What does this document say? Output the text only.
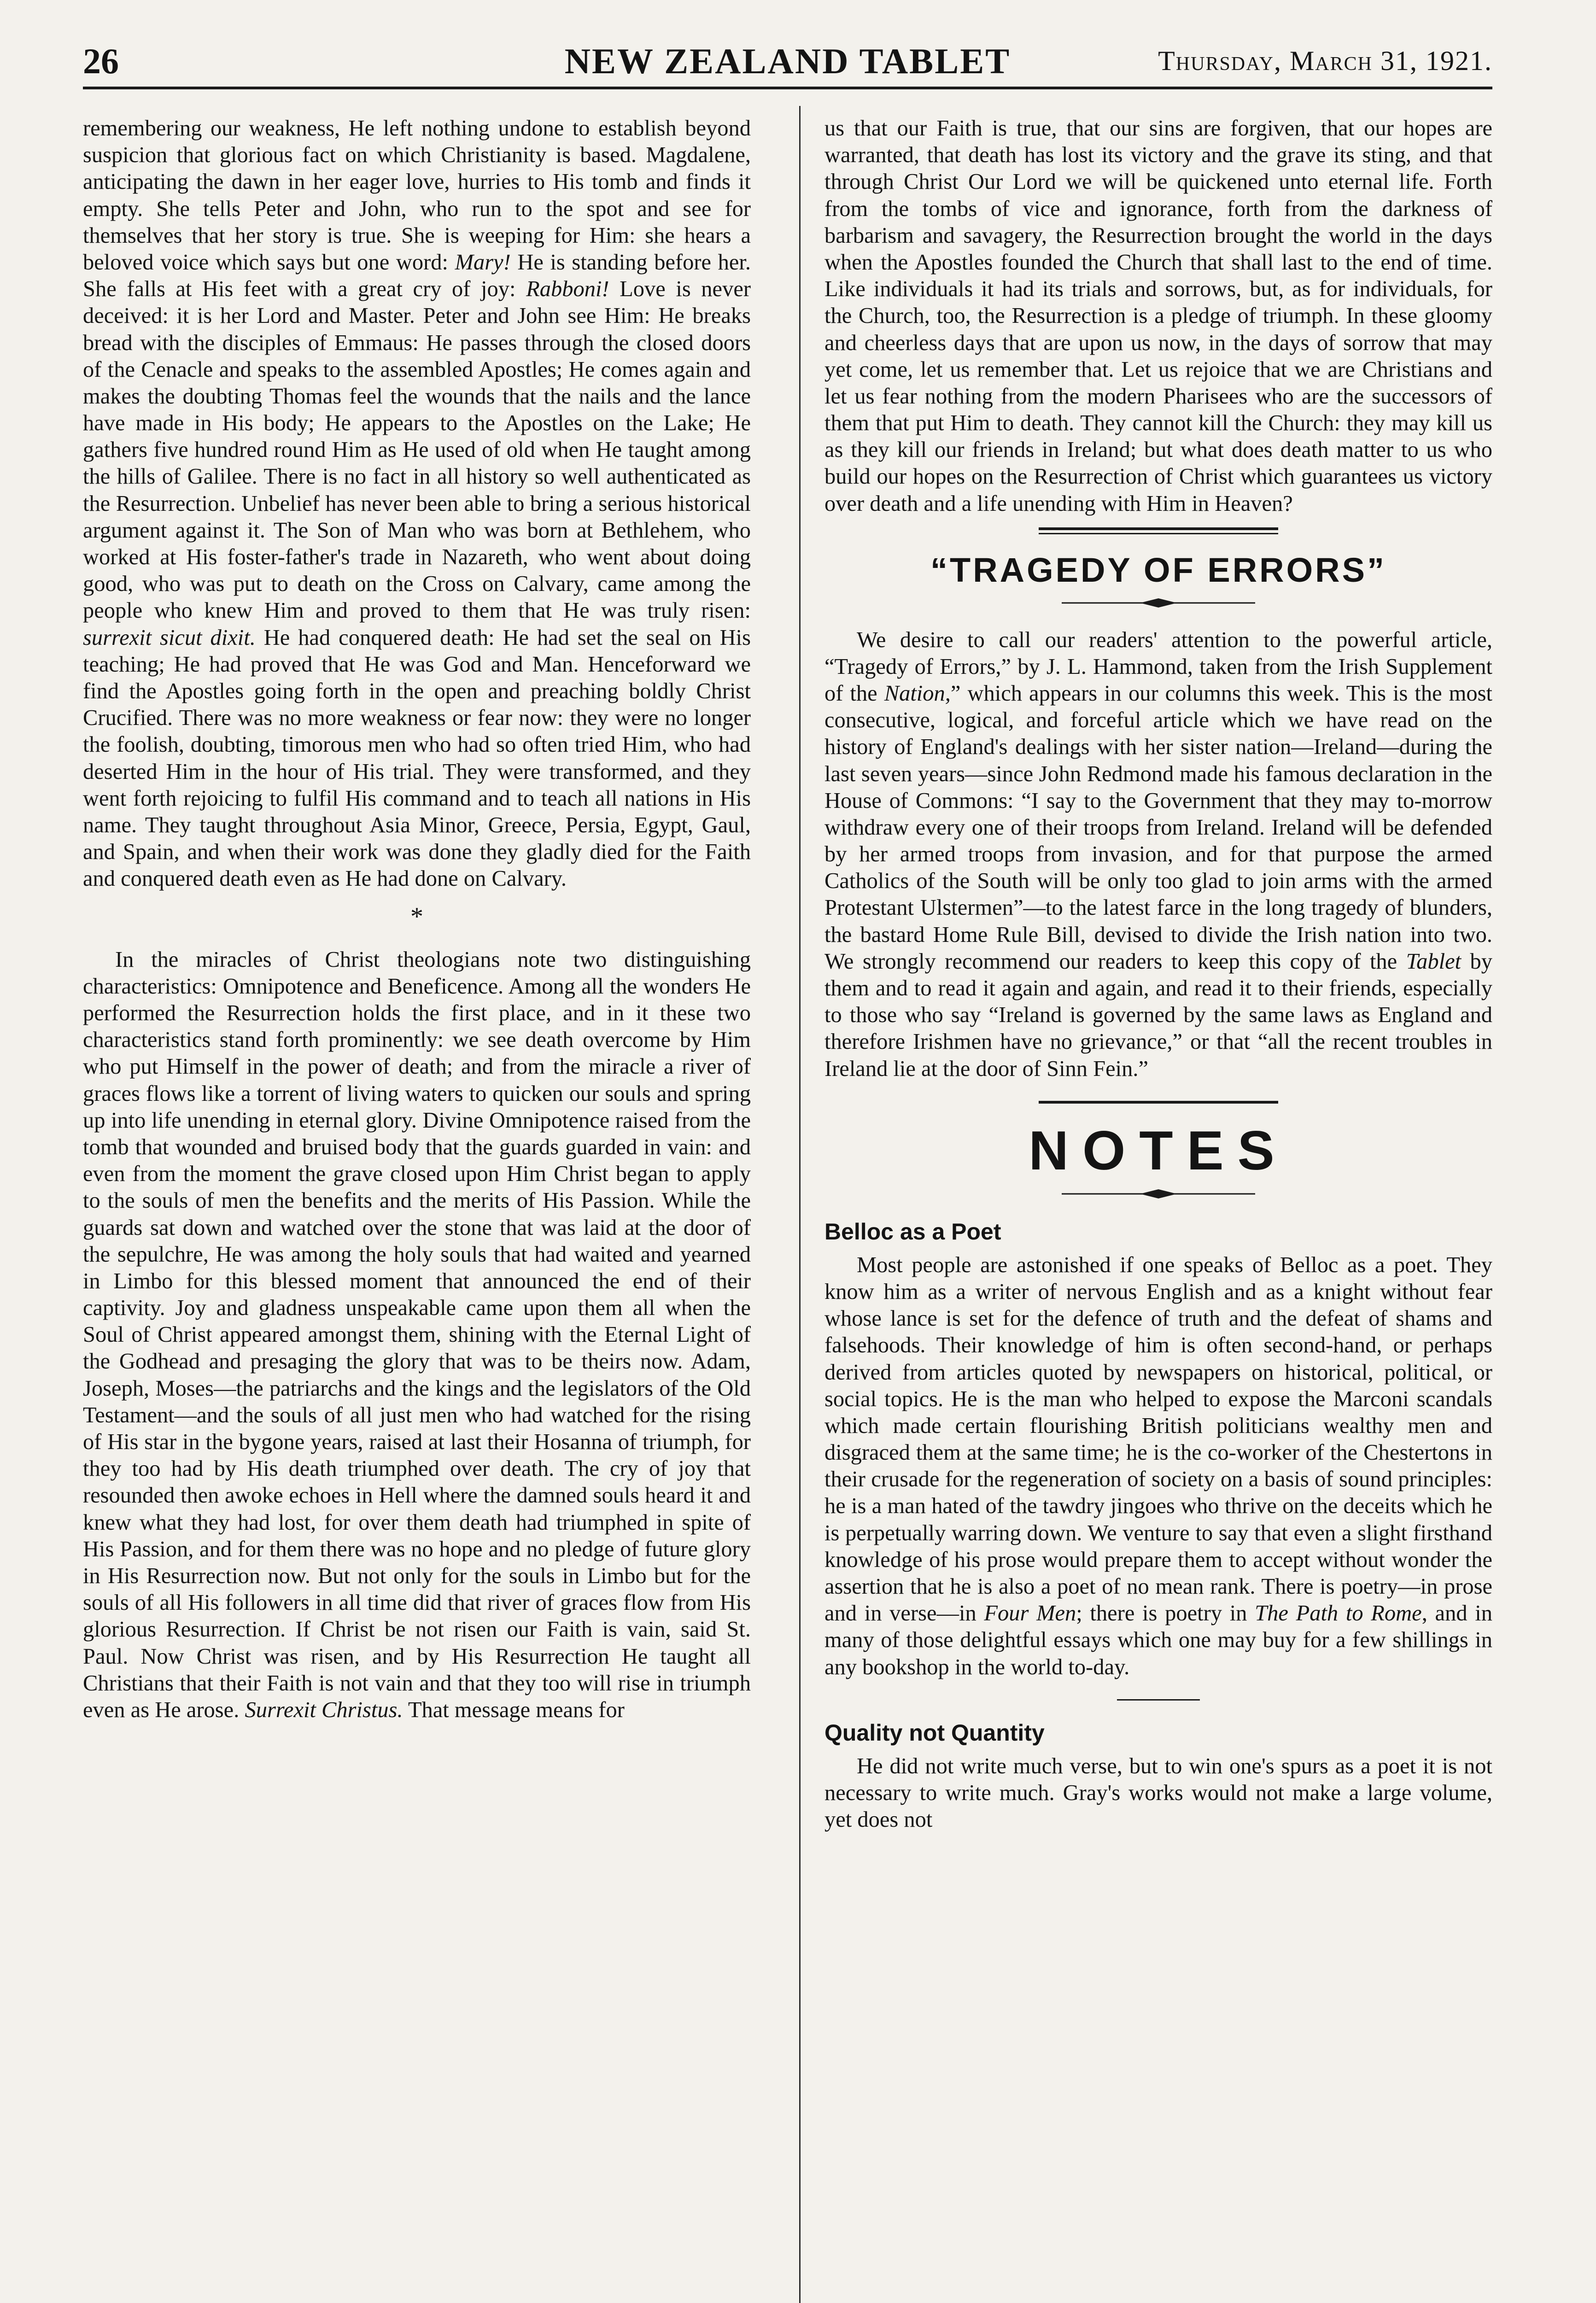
26	NEW ZEALAND TABLET	Thursday, March 31, 1921.

remembering our weakness, He left nothing undone to establish beyond suspicion that glorious fact on which Christianity is based. Magdalene, anticipating the dawn in her eager love, hurries to His tomb and finds it empty. She tells Peter and John, who run to the spot and see for themselves that her story is true. She is weeping for Him: she hears a beloved voice which says but one word: Mary! He is standing before her. She falls at His feet with a great cry of joy: Rabboni! Love is never deceived: it is her Lord and Master. Peter and John see Him: He breaks bread with the disciples of Emmaus: He passes through the closed doors of the Cenacle and speaks to the assembled Apostles; He comes again and makes the doubting Thomas feel the wounds that the nails and the lance have made in His body; He appears to the Apostles on the Lake; He gathers five hundred round Him as He used of old when He taught among the hills of Galilee. There is no fact in all history so well authenticated as the Resurrection. Unbelief has never been able to bring a serious historical argument against it. The Son of Man who was born at Bethlehem, who worked at His foster-father's trade in Nazareth, who went about doing good, who was put to death on the Cross on Calvary, came among the people who knew Him and proved to them that He was truly risen: surrexit sicut dixit. He had conquered death: He had set the seal on His teaching; He had proved that He was God and Man. Henceforward we find the Apostles going forth in the open and preaching boldly Christ Crucified. There was no more weakness or fear now: they were no longer the foolish, doubting, timorous men who had so often tried Him, who had deserted Him in the hour of His trial. They were transformed, and they went forth rejoicing to fulfil His command and to teach all nations in His name. They taught throughout Asia Minor, Greece, Persia, Egypt, Gaul, and Spain, and when their work was done they gladly died for the Faith and conquered death even as He had done on Calvary.

*

In the miracles of Christ theologians note two distinguishing characteristics: Omnipotence and Beneficence. Among all the wonders He performed the Resurrection holds the first place, and in it these two characteristics stand forth prominently: we see death overcome by Him who put Himself in the power of death; and from the miracle a river of graces flows like a torrent of living waters to quicken our souls and spring up into life unending in eternal glory. Divine Omnipotence raised from the tomb that wounded and bruised body that the guards guarded in vain: and even from the moment the grave closed upon Him Christ began to apply to the souls of men the benefits and the merits of His Passion. While the guards sat down and watched over the stone that was laid at the door of the sepulchre, He was among the holy souls that had waited and yearned in Limbo for this blessed moment that announced the end of their captivity. Joy and gladness unspeakable came upon them all when the Soul of Christ appeared amongst them, shining with the Eternal Light of the Godhead and presaging the glory that was to be theirs now. Adam, Joseph, Moses—the patriarchs and the kings and the legislators of the Old Testament—and the souls of all just men who had watched for the rising of His star in the bygone years, raised at last their Hosanna of triumph, for they too had by His death triumphed over death. The cry of joy that resounded then awoke echoes in Hell where the damned souls heard it and knew what they had lost, for over them death had triumphed in spite of His Passion, and for them there was no hope and no pledge of future glory in His Resurrection now. But not only for the souls in Limbo but for the souls of all His followers in all time did that river of graces flow from His glorious Resurrection. If Christ be not risen our Faith is vain, said St. Paul. Now Christ was risen, and by His Resurrection He taught all Christians that their Faith is not vain and that they too will rise in triumph even as He arose. Surrexit Christus. That message means for

us that our Faith is true, that our sins are forgiven, that our hopes are warranted, that death has lost its victory and the grave its sting, and that through Christ Our Lord we will be quickened unto eternal life. Forth from the tombs of vice and ignorance, forth from the darkness of barbarism and savagery, the Resurrection brought the world in the days when the Apostles founded the Church that shall last to the end of time. Like individuals it had its trials and sorrows, but, as for individuals, for the Church, too, the Resurrection is a pledge of triumph. In these gloomy and cheerless days that are upon us now, in the days of sorrow that may yet come, let us remember that. Let us rejoice that we are Christians and let us fear nothing from the modern Pharisees who are the successors of them that put Him to death. They cannot kill the Church: they may kill us as they kill our friends in Ireland; but what does death matter to us who build our hopes on the Resurrection of Christ which guarantees us victory over death and a life unending with Him in Heaven?

“TRAGEDY OF ERRORS”

We desire to call our readers' attention to the powerful article, “Tragedy of Errors,” by J. L. Hammond, taken from the Irish Supplement of the Nation,” which appears in our columns this week. This is the most consecutive, logical, and forceful article which we have read on the history of England's dealings with her sister nation—Ireland—during the last seven years—since John Redmond made his famous declaration in the House of Commons: “I say to the Government that they may to-morrow withdraw every one of their troops from Ireland. Ireland will be defended by her armed troops from invasion, and for that purpose the armed Catholics of the South will be only too glad to join arms with the armed Protestant Ulstermen”—to the latest farce in the long tragedy of blunders, the bastard Home Rule Bill, devised to divide the Irish nation into two. We strongly recommend our readers to keep this copy of the Tablet by them and to read it again and again, and read it to their friends, especially to those who say “Ireland is governed by the same laws as England and therefore Irishmen have no grievance,” or that “all the recent troubles in Ireland lie at the door of Sinn Fein.”

NOTES
Belloc as a Poet

Most people are astonished if one speaks of Belloc as a poet. They know him as a writer of nervous English and as a knight without fear whose lance is set for the defence of truth and the defeat of shams and falsehoods. Their knowledge of him is often second-hand, or perhaps derived from articles quoted by newspapers on historical, political, or social topics. He is the man who helped to expose the Marconi scandals which made certain flourishing British politicians wealthy men and disgraced them at the same time; he is the co-worker of the Chestertons in their crusade for the regeneration of society on a basis of sound principles: he is a man hated of the tawdry jingoes who thrive on the deceits which he is perpetually warring down. We venture to say that even a slight firsthand knowledge of his prose would prepare them to accept without wonder the assertion that he is also a poet of no mean rank. There is poetry—in prose and in verse—in Four Men; there is poetry in The Path to Rome, and in many of those delightful essays which one may buy for a few shillings in any bookshop in the world to-day.

Quality not Quantity

He did not write much verse, but to win one's spurs as a poet it is not necessary to write much. Gray's works would not make a large volume, yet does not
